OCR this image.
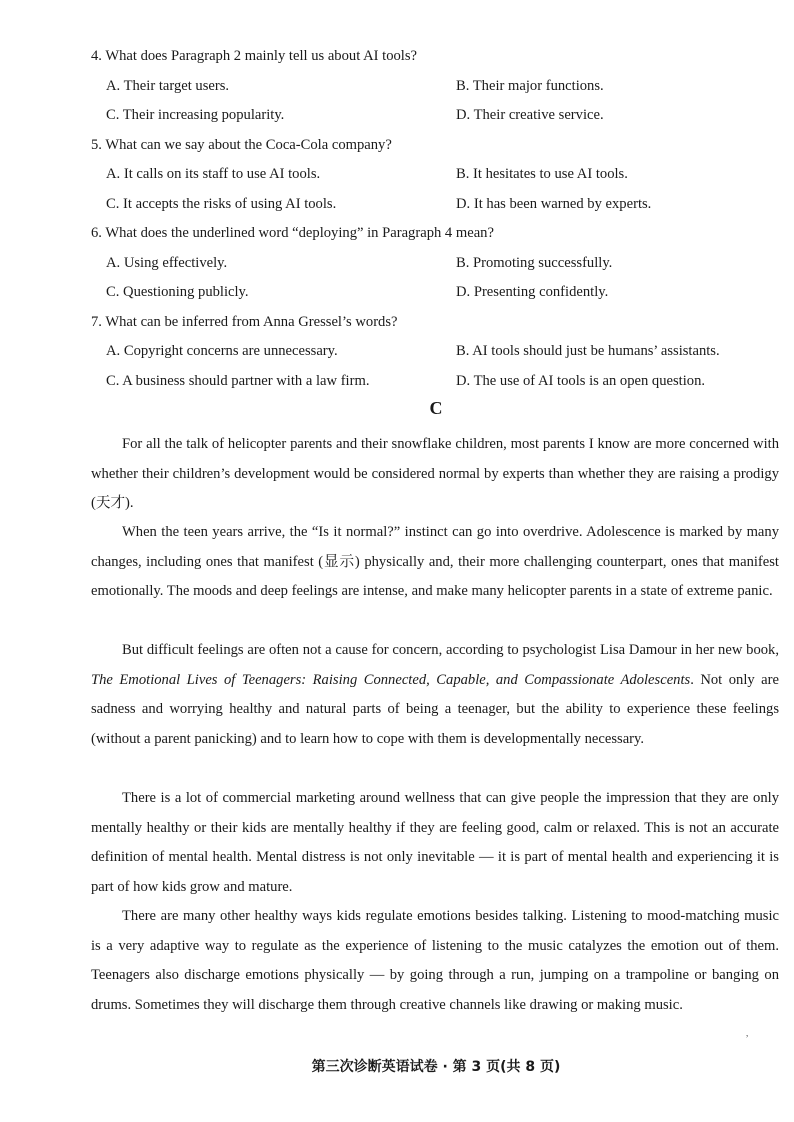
4. What does Paragraph 2 mainly tell us about AI tools?
A. Their target users.	B. Their major functions.
C. Their increasing popularity.	D. Their creative service.
5. What can we say about the Coca-Cola company?
A. It calls on its staff to use AI tools.	B. It hesitates to use AI tools.
C. It accepts the risks of using AI tools.	D. It has been warned by experts.
6. What does the underlined word “deploying” in Paragraph 4 mean?
A. Using effectively.	B. Promoting successfully.
C. Questioning publicly.	D. Presenting confidently.
7. What can be inferred from Anna Gressel’s words?
A. Copyright concerns are unnecessary.	B. AI tools should just be humans’ assistants.
C. A business should partner with a law firm.	D. The use of AI tools is an open question.
C
For all the talk of helicopter parents and their snowflake children, most parents I know are more concerned with whether their children’s development would be considered normal by experts than whether they are raising a prodigy (天才).
When the teen years arrive, the “Is it normal?” instinct can go into overdrive. Adolescence is marked by many changes, including ones that manifest (显示) physically and, their more challenging counterpart, ones that manifest emotionally. The moods and deep feelings are intense, and make many helicopter parents in a state of extreme panic.
But difficult feelings are often not a cause for concern, according to psychologist Lisa Damour in her new book, The Emotional Lives of Teenagers: Raising Connected, Capable, and Compassionate Adolescents. Not only are sadness and worrying healthy and natural parts of being a teenager, but the ability to experience these feelings (without a parent panicking) and to learn how to cope with them is developmentally necessary.
There is a lot of commercial marketing around wellness that can give people the impression that they are only mentally healthy or their kids are mentally healthy if they are feeling good, calm or relaxed. This is not an accurate definition of mental health. Mental distress is not only inevitable — it is part of mental health and experiencing it is part of how kids grow and mature.
There are many other healthy ways kids regulate emotions besides talking. Listening to mood-matching music is a very adaptive way to regulate as the experience of listening to the music catalyzes the emotion out of them. Teenagers also discharge emotions physically — by going through a run, jumping on a trampoline or banging on drums. Sometimes they will discharge them through creative channels like drawing or making music.
,
第三次诊断英语试卷 · 第 3 页(共 8 页)
